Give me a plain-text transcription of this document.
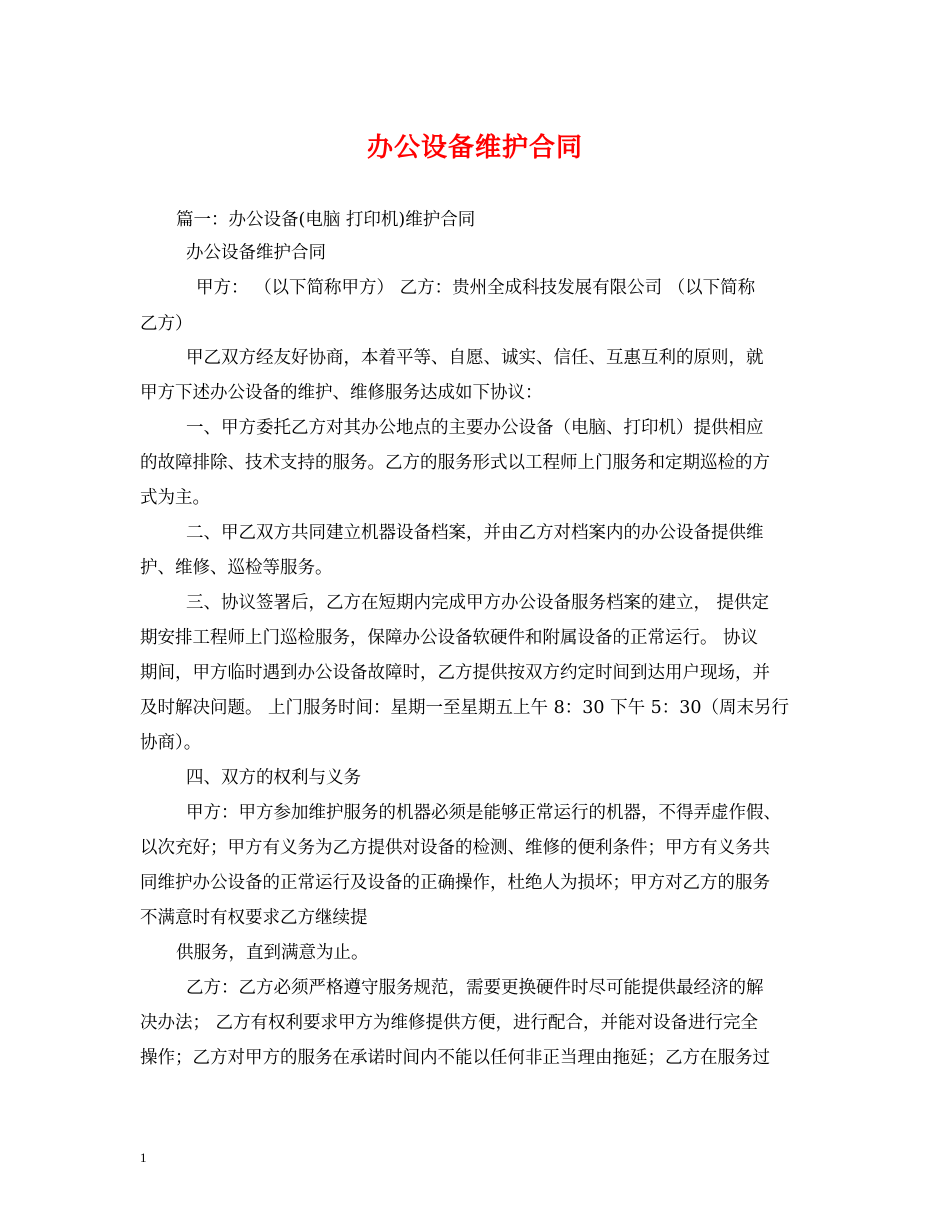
办公设备维护合同
篇一：办公设备(电脑 打印机)维护合同
办公设备维护合同
甲方： （以下简称甲方） 乙方：贵州全成科技发展有限公司 （以下简称
乙方）
甲乙双方经友好协商，本着平等、自愿、诚实、信任、互惠互利的原则，就
甲方下述办公设备的维护、维修服务达成如下协议：
一、甲方委托乙方对其办公地点的主要办公设备（电脑、打印机）提供相应
的故障排除、技术支持的服务。乙方的服务形式以工程师上门服务和定期巡检的方
式为主。
二、甲乙双方共同建立机器设备档案，并由乙方对档案内的办公设备提供维
护、维修、巡检等服务。
三、协议签署后，乙方在短期内完成甲方办公设备服务档案的建立， 提供定
期安排工程师上门巡检服务，保障办公设备软硬件和附属设备的正常运行。 协议
期间，甲方临时遇到办公设备故障时，乙方提供按双方约定时间到达用户现场，并
及时解决问题。 上门服务时间：星期一至星期五上午 8：30 下午 5：30（周末另行
协商）。
四、双方的权利与义务
甲方：甲方参加维护服务的机器必须是能够正常运行的机器，不得弄虚作假、
以次充好；甲方有义务为乙方提供对设备的检测、维修的便利条件；甲方有义务共
同维护办公设备的正常运行及设备的正确操作，杜绝人为损坏；甲方对乙方的服务
不满意时有权要求乙方继续提
供服务，直到满意为止。
乙方：乙方必须严格遵守服务规范，需要更换硬件时尽可能提供最经济的解
决办法； 乙方有权利要求甲方为维修提供方便，进行配合，并能对设备进行完全
操作；乙方对甲方的服务在承诺时间内不能以任何非正当理由拖延；乙方在服务过
1
